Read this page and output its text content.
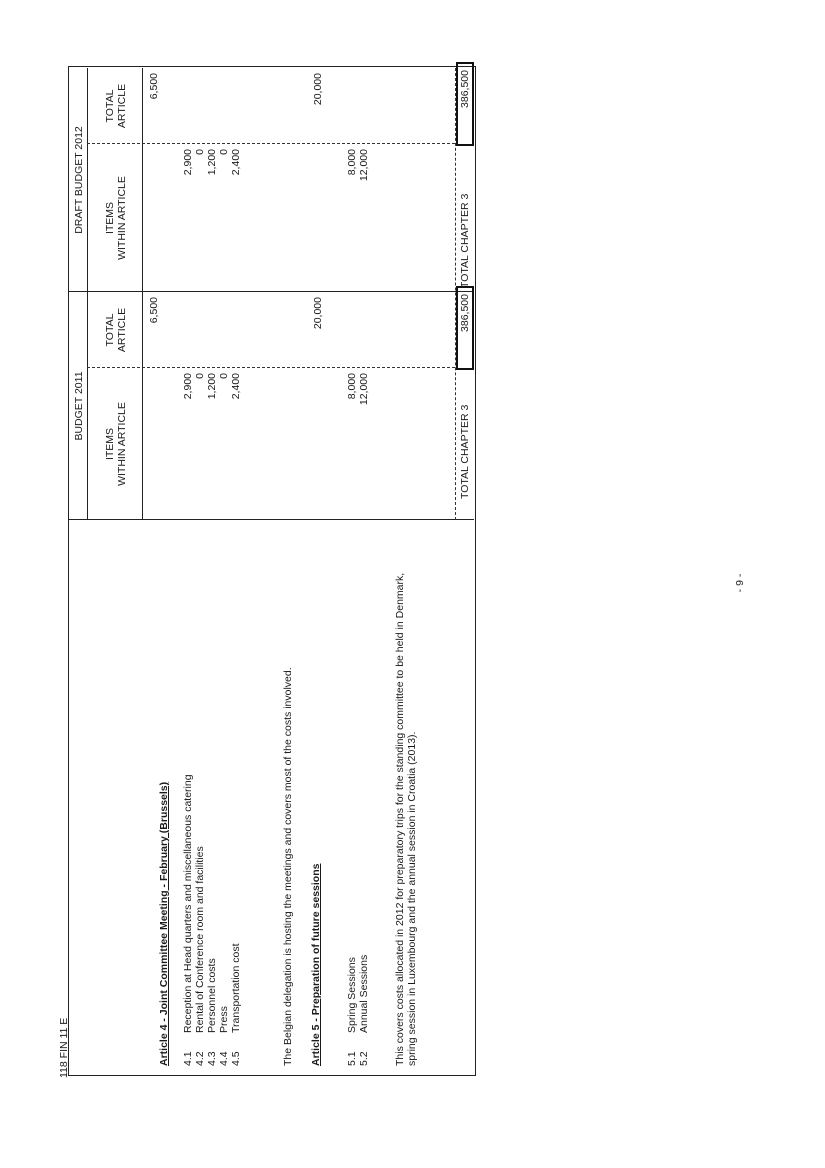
118 FIN 11 E
- 9 -
BUDGET 2011
DRAFT BUDGET 2012
ITEMS WITHIN ARTICLE
TOTAL ARTICLE
ITEMS WITHIN ARTICLE
TOTAL ARTICLE
Article 4 - Joint Committee Meeting - February (Brussels) 4.1
Reception at Head quarters and miscellaneous catering
2,900
2,900
4.2
Rental of Conference room and facilities
0
0
4.3
Personnel costs
1,200
1,200
4.4
Press
0
0
4.5
Transportation cost
2,400
2,400
6,500
6,500
The Belgian delegation is hosting the meetings and covers most of the costs involved. Article 5 - Preparation of future sessions 5.1
Spring Sessions
8,000
8,000
5.2
Annual Sessions
12,000
12,000
20,000
20,000
This covers costs allocated in 2012 for preparatory trips for the standing committee to be held in Denmark, spring session in Luxembourg and the annual session in Croatia (2013).
TOTAL CHAPTER 3
386,500
TOTAL CHAPTER 3
386,500
